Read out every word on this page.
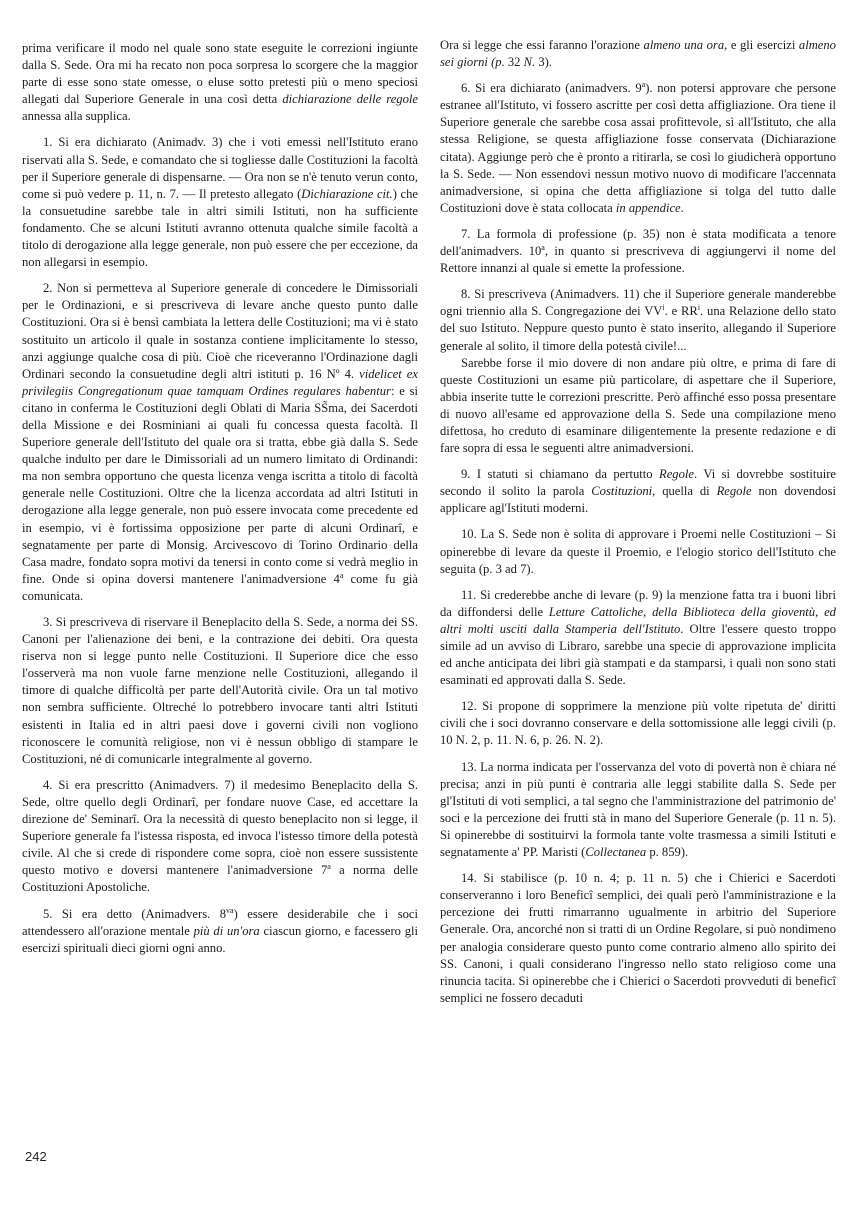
prima verificare il modo nel quale sono state eseguite le correzioni ingiunte dalla S. Sede. Ora mi ha recato non poca sorpresa lo scorgere che la maggior parte di esse sono state omesse, o eluse sotto pretesti più o meno speciosi allegati dal Superiore Generale in una così detta dichiarazione delle regole annessa alla supplica.

1. Si era dichiarato (Animadv. 3) che i voti emessi nell'Istituto erano riservati alla S. Sede, e comandato che si togliesse dalle Costituzioni la facoltà per il Superiore generale di dispensarne. — Ora non se n'è tenuto verun conto, come si può vedere p. 11, n. 7. — Il pretesto allegato (Dichiarazione cit.) che la consuetudine sarebbe tale in altri simili Istituti, non ha sufficiente fondamento. Che se alcuni Istituti avranno ottenuta qualche simile facoltà a titolo di derogazione alla legge generale, non può essere che per eccezione, da non allegarsi in esempio.

2. Non si permetteva al Superiore generale di concedere le Dimissoriali per le Ordinazioni, e si prescriveva di levare anche questo punto dalle Costituzioni. Ora si è bensì cambiata la lettera delle Costituzioni; ma vi è stato sostituito un articolo il quale in sostanza contiene implicitamente lo stesso, anzi aggiunge qualche cosa di più. Cioè che riceveranno l'Ordinazione dagli Ordinari secondo la consuetudine degli altri istituti p. 16 Nº 4. videlicet ex privilegiis Congregationum quae tamquam Ordines regulares habentur: e si citano in conferma le Costituzioni degli Oblati di Maria SS̃ma, dei Sacerdoti della Missione e dei Rosminiani ai quali fu concessa questa facoltà. Il Superiore generale dell'Istituto del quale ora si tratta, ebbe già dalla S. Sede qualche indulto per dare le Dimissoriali ad un numero limitato di Ordinandi: ma non sembra opportuno che questa licenza venga iscritta a titolo di facoltà generale nelle Costituzioni. Oltre che la licenza accordata ad altri Istituti in derogazione alla legge generale, non può essere invocata come precedente ed in esempio, vi è fortissima opposizione per parte di alcuni Ordinarî, e segnatamente per parte di Monsig. Arcivescovo di Torino Ordinario della Casa madre, fondato sopra motivi da tenersi in conto come si vedrà meglio in fine. Onde si opina doversi mantenere l'animadversione 4$^a$ come fu già comunicata.

3. Si prescriveva di riservare il Beneplacito della S. Sede, a norma dei SS. Canoni per l'alienazione dei beni, e la contrazione dei debiti. Ora questa riserva non si legge punto nelle Costituzioni. Il Superiore dice che esso l'osserverà ma non vuole farne menzione nelle Costituzioni, allegando il timore di qualche difficoltà per parte dell'Autorità civile. Ora un tal motivo non sembra sufficiente. Oltreché lo potrebbero invocare tanti altri Istituti esistenti in Italia ed in altri paesi dove i governi civili non vogliono riconoscere le comunità religiose, non vi è nessun obbligo di stampare le Costituzioni, né di comunicarle integralmente al governo.

4. Si era prescritto (Animadvers. 7) il medesimo Beneplacito della S. Sede, oltre quello degli Ordinarî, per fondare nuove Case, ed accettare la direzione de' Seminarî. Ora la necessità di questo beneplacito non si legge, il Superiore generale fa l'istessa risposta, ed invoca l'istesso timore della potestà civile. Al che si crede di rispondere come sopra, cioè non essere sussistente questo motivo e doversi mantenere l'animadversione 7$^a$ a norma delle Costituzioni Apostoliche.

5. Si era detto (Animadvers. $8^{va}$) essere desiderabile che i soci attendessero all'orazione mentale più di un'ora ciascun giorno, e facessero gli esercizi spirituali dieci giorni ogni anno.

Ora si legge che essi faranno l'orazione almeno una ora, e gli esercizi almeno sei giorni (p. 32 N. 3).

6. Si era dichiarato (animadvers. 9$^a$). non potersi approvare che persone estranee all'Istituto, vi fossero ascritte per così detta affigliazione. Ora tiene il Superiore generale che sarebbe cosa assai profittevole, sì all'Istituto, che alla stessa Religione, se questa affigliazione fosse conservata (Dichiarazione citata). Aggiunge però che è pronto a ritirarla, se così lo giudicherà opportuno la S. Sede. — Non essendovi nessun motivo nuovo di modificare l'accennata animadversione, si opina che detta affigliazione si tolga del tutto dalle Costituzioni dove è stata collocata in appendice.

7. La formola di professione (p. 35) non è stata modificata a tenore dell'animadvers. 10$^a$, in quanto si prescriveva di aggiungervi il nome del Rettore innanzi al quale si emette la professione.

8. Si prescriveva (Animadvers. 11) che il Superiore generale manderebbe ogni triennio alla S. Congregazione dei $VV^i$. e $RR^i$. una Relazione dello stato del suo Istituto. Neppure questo punto è stato inserito, allegando il Superiore generale al solito, il timore della potestà civile!...

Sarebbe forse il mio dovere di non andare più oltre, e prima di fare di queste Costituzioni un esame più particolare, di aspettare che il Superiore, abbia inserite tutte le correzioni prescritte. Però affinché esso possa presentare di nuovo all'esame ed approvazione della S. Sede una compilazione meno difettosa, ho creduto di esaminare diligentemente la presente redazione e di fare sopra di essa le seguenti altre animadversioni.

9. I statuti si chiamano da pertutto Regole. Vi si dovrebbe sostituire secondo il solito la parola Costituzioni, quella di Regole non dovendosi applicare agl'Istituti moderni.

10. La S. Sede non è solita di approvare i Proemi nelle Costituzioni – Si opinerebbe di levare da queste il Proemio, e l'elogio storico dell'Istituto che seguita (p. 3 ad 7).

11. Si crederebbe anche di levare (p. 9) la menzione fatta tra i buoni libri da diffondersi delle Letture Cattoliche, della Biblioteca della gioventù, ed altri molti usciti dalla Stamperia dell'Istituto. Oltre l'essere questo troppo simile ad un avviso di Libraro, sarebbe una specie di approvazione implicita ed anche anticipata dei libri già stampati e da stamparsi, i quali non sono stati esaminati ed approvati dalla S. Sede.

12. Si propone di sopprimere la menzione più volte ripetuta de' diritti civili che i soci dovranno conservare e della sottomissione alle leggi civili (p. 10 N. 2, p. 11. N. 6, p. 26. N. 2).

13. La norma indicata per l'osservanza del voto di povertà non è chiara né precisa; anzi in più punti è contraria alle leggi stabilite dalla S. Sede per gl'Istituti di voti semplici, a tal segno che l'amministrazione del patrimonio de' soci e la percezione dei frutti stà in mano del Superiore Generale (p. 11 n. 5). Si opinerebbe di sostituirvi la formola tante volte trasmessa a simili Istituti e segnatamente a' PP. Maristi (Collectanea p. 859).

14. Si stabilisce (p. 10 n. 4; p. 11 n. 5) che i Chierici e Sacerdoti conserveranno i loro Beneficî semplici, dei quali però l'amministrazione e la percezione dei frutti rimarranno ugualmente in arbitrio del Superiore Generale. Ora, ancorché non si tratti di un Ordine Regolare, si può nondimeno per analogia considerare questo punto come contrario almeno allo spirito dei SS. Canoni, i quali considerano l'ingresso nello stato religioso come una rinuncia tacita. Si opinerebbe che i Chierici o Sacerdoti provveduti di beneficî semplici ne fossero decaduti

242
